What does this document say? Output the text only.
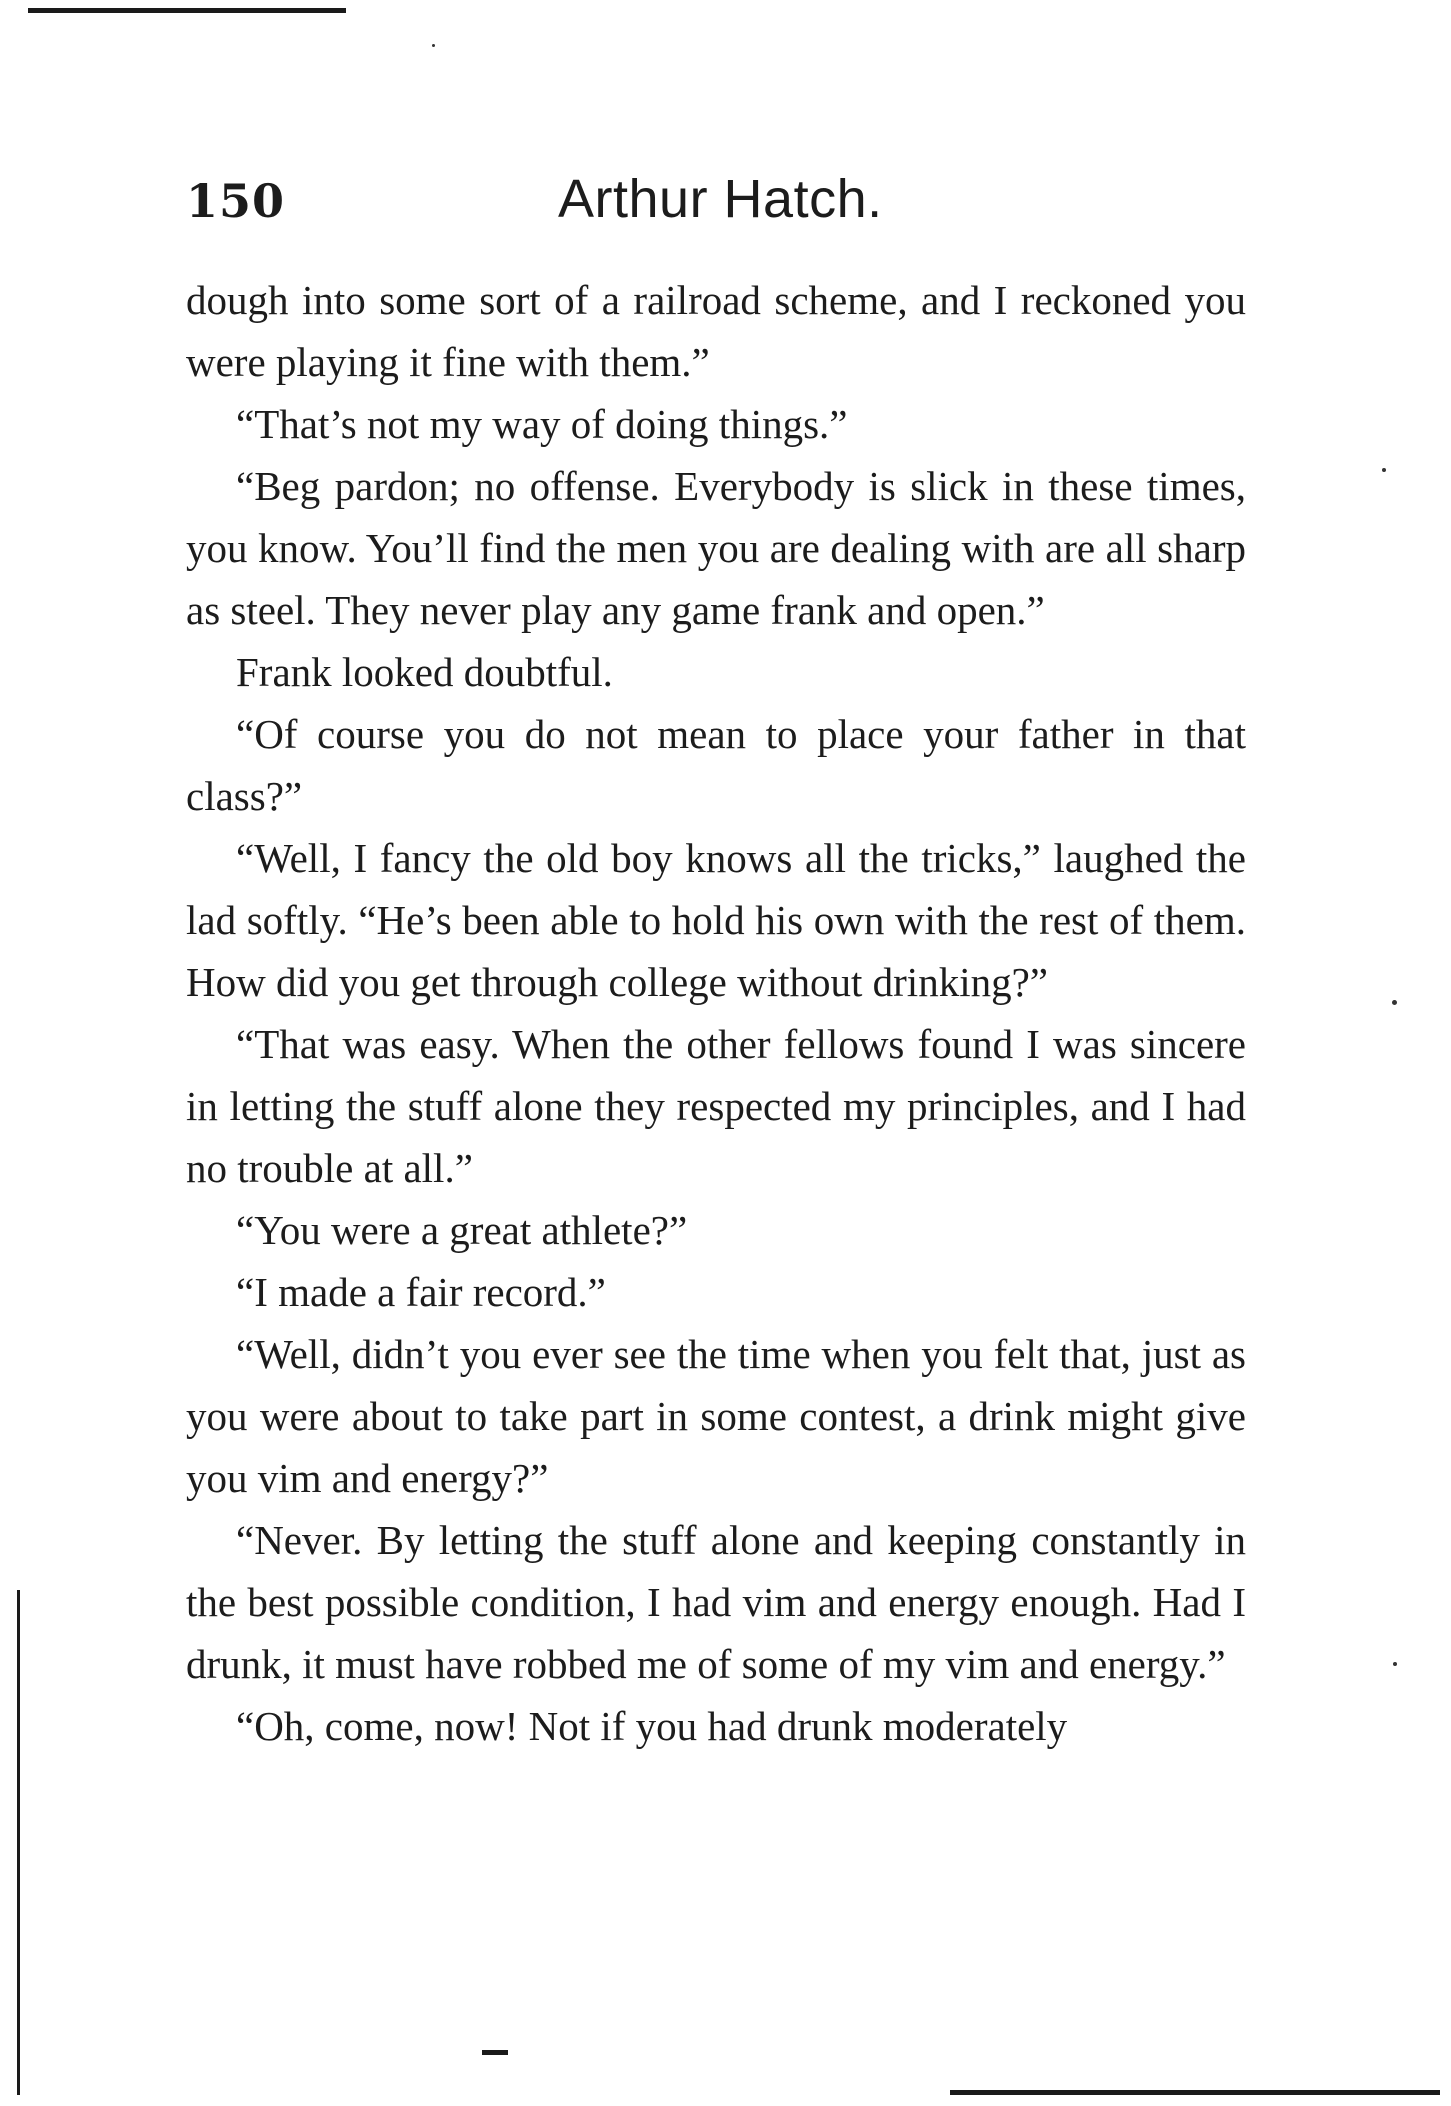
150	Arthur Hatch.

dough into some sort of a railroad scheme, and I reckoned you were playing it fine with them.”

“That’s not my way of doing things.”

“Beg pardon; no offense. Everybody is slick in these times, you know. You’ll find the men you are dealing with are all sharp as steel. They never play any game frank and open.”

Frank looked doubtful.

“Of course you do not mean to place your father in that class?”

“Well, I fancy the old boy knows all the tricks,” laughed the lad softly. “He’s been able to hold his own with the rest of them. How did you get through college without drinking?”

“That was easy. When the other fellows found I was sincere in letting the stuff alone they respected my principles, and I had no trouble at all.”

“You were a great athlete?”

“I made a fair record.”

“Well, didn’t you ever see the time when you felt that, just as you were about to take part in some contest, a drink might give you vim and energy?”

“Never. By letting the stuff alone and keeping constantly in the best possible condition, I had vim and energy enough. Had I drunk, it must have robbed me of some of my vim and energy.”

“Oh, come, now! Not if you had drunk moderately
